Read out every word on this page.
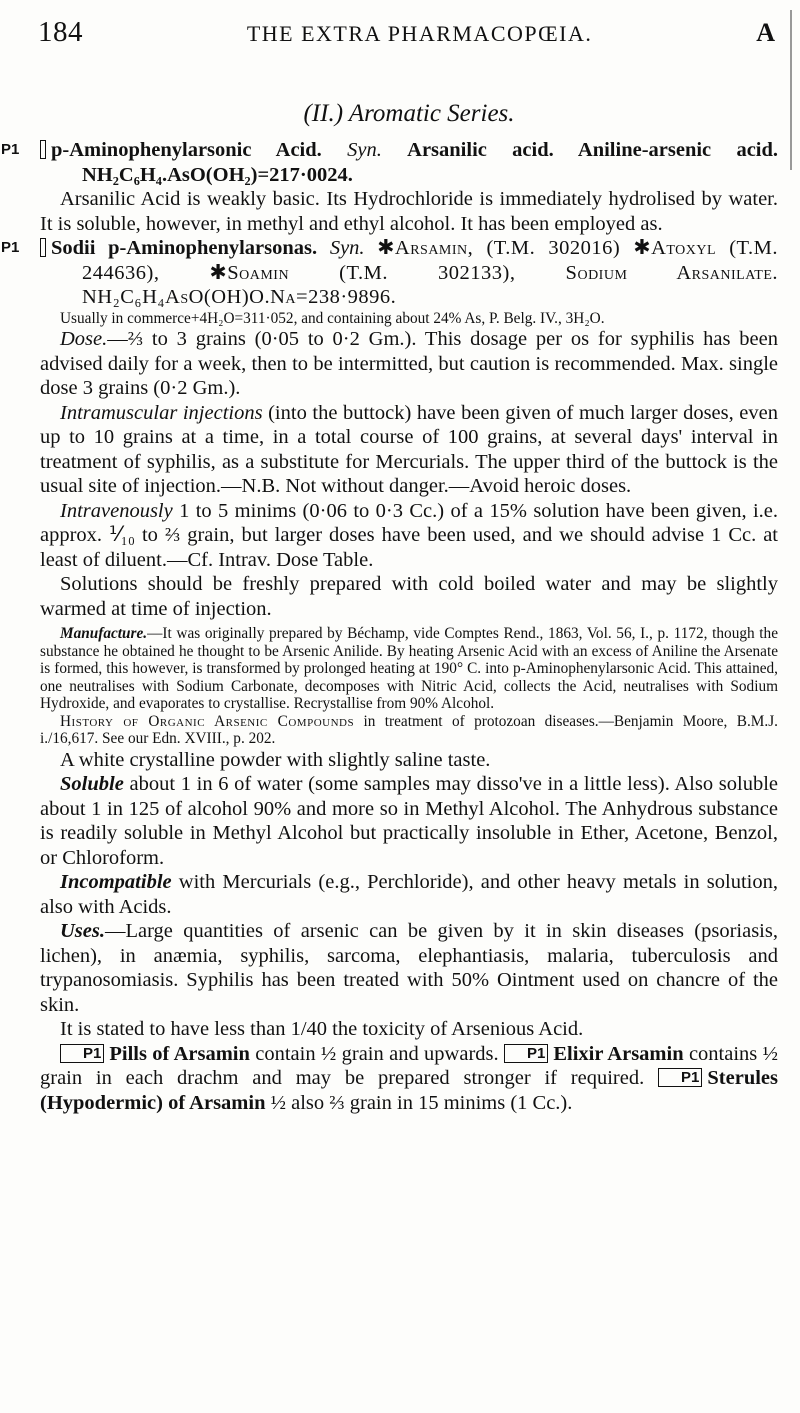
184	THE EXTRA PHARMACOPŒIA.	A
(II.) Aromatic Series.

P1 p-Aminophenylarsonic Acid. Syn. Arsanilic acid. Aniline-arsenic acid. NH₂C₆H₄.AsO(OH₂)=217·0024.

Arsanilic Acid is weakly basic. Its Hydrochloride is immediately hydrolised by water. It is soluble, however, in methyl and ethyl alcohol. It has been employed as.

P1 Sodii p-Aminophenylarsonas. Syn. ✱Arsamin, (T.M. 302016) ✱Atoxyl (T.M. 244636), ✱Soamin (T.M. 302133), Sodium Arsanilate. NH₂C₆H₄AsO(OH)O.Na=238·9896.

Usually in commerce+4H₂O=311·052, and containing about 24% As, P. Belg. IV., 3H₂O.

Dose.—⅔ to 3 grains (0·05 to 0·2 Gm.). This dosage per os for syphilis has been advised daily for a week, then to be intermitted, but caution is recommended. Max. single dose 3 grains (0·2 Gm.).

Intramuscular injections (into the buttock) have been given of much larger doses, even up to 10 grains at a time, in a total course of 100 grains, at several days' interval in treatment of syphilis, as a substitute for Mercurials. The upper third of the buttock is the usual site of injection.—N.B. Not without danger.—Avoid heroic doses.

Intravenously 1 to 5 minims (0·06 to 0·3 Cc.) of a 15% solution have been given, i.e. approx. ⅟₁₀ to ⅔ grain, but larger doses have been used, and we should advise 1 Cc. at least of diluent.—Cf. Intrav. Dose Table.

Solutions should be freshly prepared with cold boiled water and may be slightly warmed at time of injection.

Manufacture.—It was originally prepared by Béchamp, vide Comptes Rend., 1863, Vol. 56, I., p. 1172, though the substance he obtained he thought to be Arsenic Anilide. By heating Arsenic Acid with an excess of Aniline the Arsenate is formed, this however, is transformed by prolonged heating at 190° C. into p-Aminophenylarsonic Acid. This attained, one neutralises with Sodium Carbonate, decomposes with Nitric Acid, collects the Acid, neutralises with Sodium Hydroxide, and evaporates to crystallise. Recrystallise from 90% Alcohol.

History of Organic Arsenic Compounds in treatment of protozoan diseases.—Benjamin Moore, B.M.J. i./16,617. See our Edn. XVIII., p. 202.

A white crystalline powder with slightly saline taste.

Soluble about 1 in 6 of water (some samples may disso've in a little less). Also soluble about 1 in 125 of alcohol 90% and more so in Methyl Alcohol. The Anhydrous substance is readily soluble in Methyl Alcohol but practically insoluble in Ether, Acetone, Benzol, or Chloroform.

Incompatible with Mercurials (e.g., Perchloride), and other heavy metals in solution, also with Acids.

Uses.—Large quantities of arsenic can be given by it in skin diseases (psoriasis, lichen), in anæmia, syphilis, sarcoma, elephantiasis, malaria, tuberculosis and trypanosomiasis. Syphilis has been treated with 50% Ointment used on chancre of the skin.

It is stated to have less than 1/40 the toxicity of Arsenious Acid.

P1 Pills of Arsamin contain ½ grain and upwards. P1 Elixir Arsamin contains ½ grain in each drachm and may be prepared stronger if required. P1 Sterules (Hypodermic) of Arsamin ½ also ⅔ grain in 15 minims (1 Cc.).
